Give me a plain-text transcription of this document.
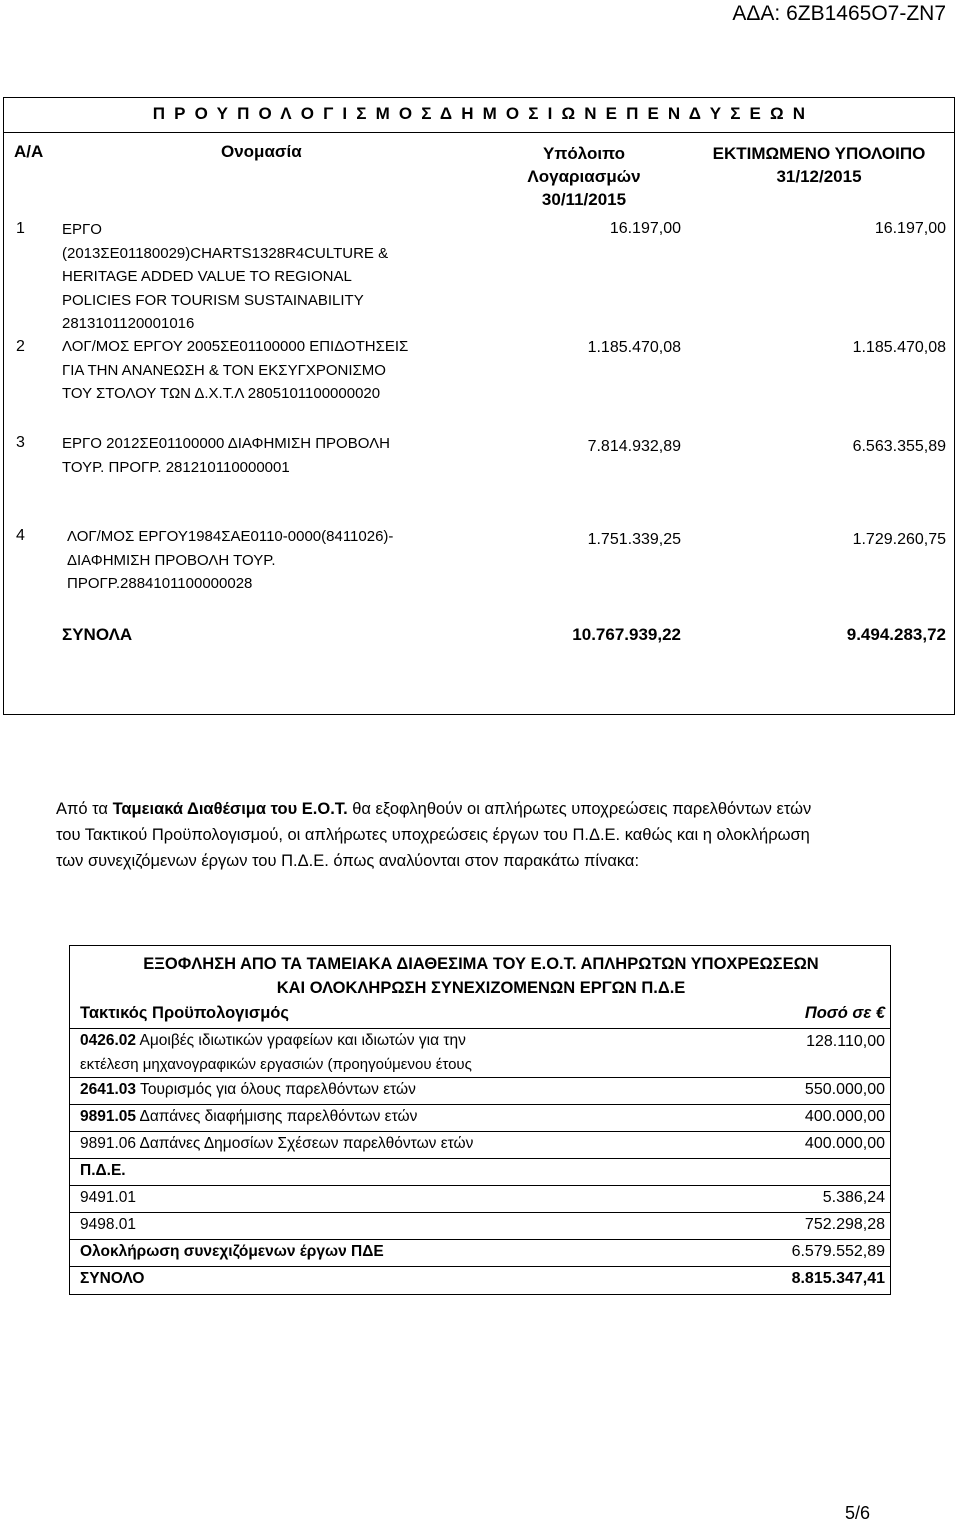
ΑΔΑ: 6ΖΒ1465Ο7-ΖΝ7
Π Ρ Ο Υ Π Ο Λ Ο Γ Ι Σ Μ Ο Σ Δ Η Μ Ο Σ Ι Ω Ν Ε Π Ε Ν Δ Υ Σ Ε Ω Ν
Α/Α	Ονομασία	Υπόλοιπο
Λογαριασμών
30/11/2015
ΕΚΤΙΜΩΜΕΝΟ ΥΠΟΛΟΙΠΟ
31/12/2015
1 ΕΡΓΟ
(2013ΣΕ01180029)CHARTS1328R4CULTURE &
HERITAGE ADDED VALUE TO REGIONAL
POLICIES FOR TOURISM SUSTAINABILITY
2813101120001016
16.197,00	16.197,00
2 ΛΟΓ/ΜΟΣ ΕΡΓΟΥ 2005ΣΕ01100000 ΕΠΙΔΟΤΗΣΕΙΣ
ΓΙΑ ΤΗΝ ΑΝΑΝΕΩΣΗ & ΤΟΝ ΕΚΣΥΓΧΡΟΝΙΣΜΟ
ΤΟΥ ΣΤΟΛΟΥ ΤΩΝ Δ.Χ.Τ.Λ 2805101100000020
1.185.470,08	1.185.470,08
3 ΕΡΓΟ 2012ΣΕ01100000 ΔΙΑΦΗΜΙΣΗ ΠΡΟΒΟΛΗ
ΤΟΥΡ. ΠΡΟΓΡ. 281210110000001
7.814.932,89	6.563.355,89
4	ΛΟΓ/ΜΟΣ ΕΡΓΟΥ1984ΣΑΕ0110-0000(8411026)-
ΔΙΑΦΗΜΙΣΗ ΠΡΟΒΟΛΗ ΤΟΥΡ.
ΠΡΟΓΡ.2884101100000028
1.751.339,25	1.729.260,75
ΣΥΝΟΛΑ	10.767.939,22	9.494.283,72
Από τα Ταμειακά Διαθέσιμα του Ε.Ο.Τ. θα εξοφληθούν οι απλήρωτες υποχρεώσεις παρελθόντων ετών
του Τακτικού Προϋπολογισμού, οι απλήρωτες υποχρεώσεις έργων του Π.Δ.Ε. καθώς και η ολοκλήρωση
των συνεχιζόμενων έργων του Π.Δ.Ε. όπως αναλύονται στον παρακάτω πίνακα:
ΕΞΟΦΛΗΣΗ ΑΠΟ ΤΑ ΤΑΜΕΙΑΚΑ ΔΙΑΘΕΣΙΜΑ ΤΟΥ Ε.Ο.Τ. ΑΠΛΗΡΩΤΩΝ ΥΠΟΧΡΕΩΣΕΩΝ
ΚΑΙ ΟΛΟΚΛΗΡΩΣΗ ΣΥΝΕΧΙΖΟΜΕΝΩΝ ΕΡΓΩΝ Π.Δ.Ε
Τακτικός Προϋπολογισμός	Ποσό σε €
0426.02 Αμοιβές ιδιωτικών γραφείων και ιδιωτών για την
εκτέλεση μηχανογραφικών εργασιών (προηγούμενου έτους
128.110,00
2641.03 Τουρισμός για όλους παρελθόντων ετών	550.000,00
9891.05 Δαπάνες διαφήμισης παρελθόντων ετών	400.000,00
9891.06 Δαπάνες Δημοσίων Σχέσεων παρελθόντων ετών	400.000,00
Π.Δ.Ε.
9491.01	5.386,24
9498.01	752.298,28
Ολοκλήρωση συνεχιζόμενων έργων ΠΔΕ	6.579.552,89
ΣΥΝΟΛΟ	8.815.347,41
5/6
